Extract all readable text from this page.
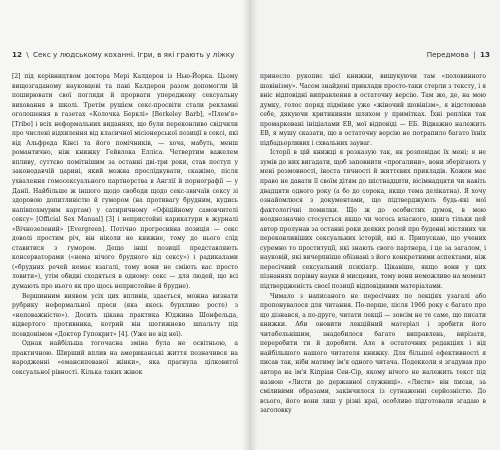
12 \ Секс у людському коханні. Ігри, в які грають у ліжку

[2] під керівництвом доктора Мері Калдерон із Нью-Йорка. Цьому вищезгаданому науковцеві та пані Калдерон разом допомогли їй поширювати свої погляди й прорвати упереджену сексуальну виховання в школі. Третім рушієм секс-просвіти стали рекламні оголошення в газетах «Колочка Берклі» [Berkeley Barb], «Плем'я» [Tribe] і всіх неформальних виданнях, що були переконливо свідчили про числені відхилення від класичної місіонерської позиції в сексі, які від Альфреда Кінсі та його помічників, — хоча, мабуть, менш романтично, ніж книжку Гейвлока Елліса. Четвертим важелем впливу, суттєво помітнішим за останні дві-три роки, став поступ у законодавчій царині, який можна прослідкувати, скажімо, після ухвалення гомосексуального партнерства в Англії й порнографії — у Данії. Найбільше ж іншого щодо свободи щодо секс-звичаїв сексу зі здоровою допитливістю й гумором (на противагу брудним, кудись напівпохмурим картам) у сатиричному «Офіційному самовчителі сексу» [Official Sex Manual] [3] і непристойні карикатури в журналі «Вічнозелений» [Evergreen]. Потічно прогресивна позиція — секс доволі простим річ, він ніколи не книжне, тому до нього слід ставитися з гумором. Дещо інші позиції представляють консерваторами («нема нічого брудного від сексу») і радикалами («брудних речей немає взагалі, тому вони не сміють вас просто ловити»), утім обидві сходяться в одному: секс — для людей, що всі думають про нього як про щось непристойне й брудне).

Вершинним виявом усіх цих впливів, здається, можна визнати рубрику неформальної преси (яка якось бурхливо росте) з «неповажністю»). Досить цікава практика Юджина Шонфельда, відвертого противника, котрий він шотижнево шпальту під псевдонімом «Доктор Гупокрит» [4]. (Уже не від неї).

Однак найбільша тогочасна зміна була не освітньою, а практичною. Ширший вплив на американські життя позначився на народженні «емансипованої жінки», яка прагнула цілковитої сексуальної рівності. Кілька таких жінок

Передмова | 13

принесло рукопис цієї книжки, вишукуючи там «половинного шовінізму». Часом знайдені приклади просто-таки стерли з тексту, і я вніс відповідні виправлення в остаточну версію. Там же, де, на мою думку, голос поряд підміняє уже «жіночий шовінізм», я відстоював себе, дякуючи критикиням шляхом у примітках. Їхні репліки так промарковані ініціалами ЕВ, мої відповіді — ЕБ. Відважно належить ЕВ, я мушу сказати, що в остаточну версію не потрапило багато їхніх підбадьорливих і схвальних зауваг.

Історії в цій книжці я розказую так, як розповідає їх мені; я не зумів до них вигадати, щоб заповнити «прогалини», вони зберігають у мені розмовності, іноста тичності й життєвих прикладів. Кожен має право не давати її своїм дітям до шістнадцяти, вісімнадцяти чи навіть двадцяти одного року (а бо до сорока, якщо тема делікатна). Я хочу ознайомлюся з документами, що підтверджують будь-які мої фактологічні помилки. Що ж до особистих думок, в мою неоднозначно стосується якщо чи чогось власного, книга тільки цей автор пролунав за останні роки деяких ролей про буденні містяних чи переконливіших сексуальних історій, які я. Припускаю, що учених суремно то проституції, які знають свого партнера, і це за загалом, і науковій, які вичерпніше обізнані з його конкретними аспектами, ніж пересічний сексуальний психіатр. Цікавіше, якщо вони у цих пізнаннях порівну науки й мисцевих, тому вони неможливо на момент підтвердженість своєї позиції відповідними матеріалами.

Чимало з написаного не пересічних по лекціях узагалі або пропонувалося для читання. По-перше, після 1966 року є багато про що дізнався, а по-друге, читати лекції — зовсім не те саме, що писати книжки. Аби оновити лекційний матеріал і зробити його читабельнішим, знадобилося багато виправлень, вирізати, переробити ти й доробити. Але в остаточних редакціях і від найбільшого нашого читателя книжку. Для більшої ефективності я писав так, ніби матиму ім'я одного читача. Подекколи я згадував про автора на ім'я Кіпріан Сен-Сір, якому нічого не належить текст під назвою «Листи до державної служниці». «Листи» він писав, за сміливими образами, закінчилося із сутнаженні серйозністю. До всього, його вони лиш у різні краї, особливо підготовали згадаю в заголовку
